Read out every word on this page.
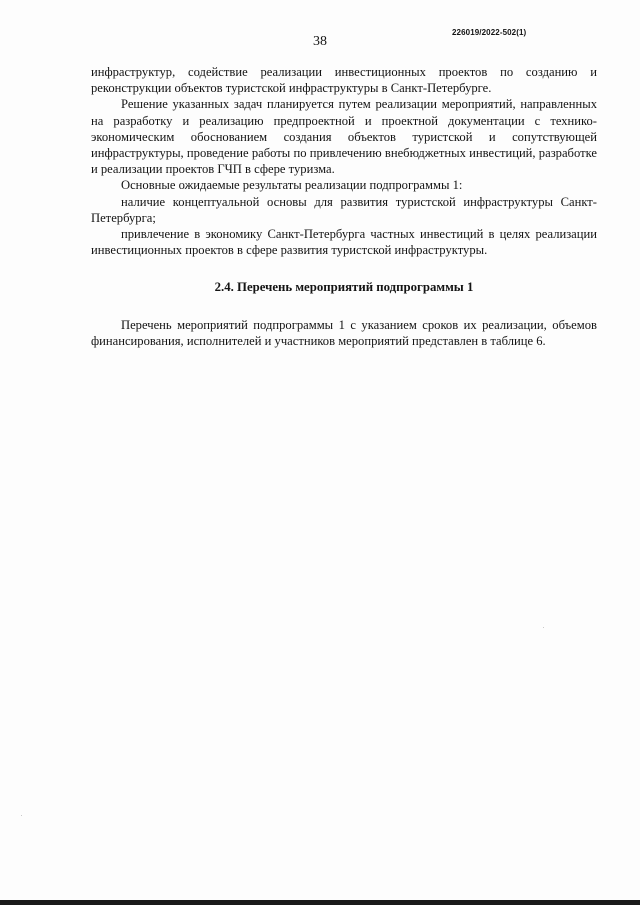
226019/2022-502(1)
38

инфраструктур, содействие реализации инвестиционных проектов по созданию и реконструкции объектов туристской инфраструктуры в Санкт-Петербурге.

Решение указанных задач планируется путем реализации мероприятий, направленных на разработку и реализацию предпроектной и проектной документации с технико-экономическим обоснованием создания объектов туристской и сопутствующей инфраструктуры, проведение работы по привлечению внебюджетных инвестиций, разработке и реализации проектов ГЧП в сфере туризма.

Основные ожидаемые результаты реализации подпрограммы 1:

наличие концептуальной основы для развития туристской инфраструктуры Санкт-Петербурга;

привлечение в экономику Санкт-Петербурга частных инвестиций в целях реализации инвестиционных проектов в сфере развития туристской инфраструктуры.

2.4. Перечень мероприятий подпрограммы 1

Перечень мероприятий подпрограммы 1 с указанием сроков их реализации, объемов финансирования, исполнителей и участников мероприятий представлен в таблице 6.
